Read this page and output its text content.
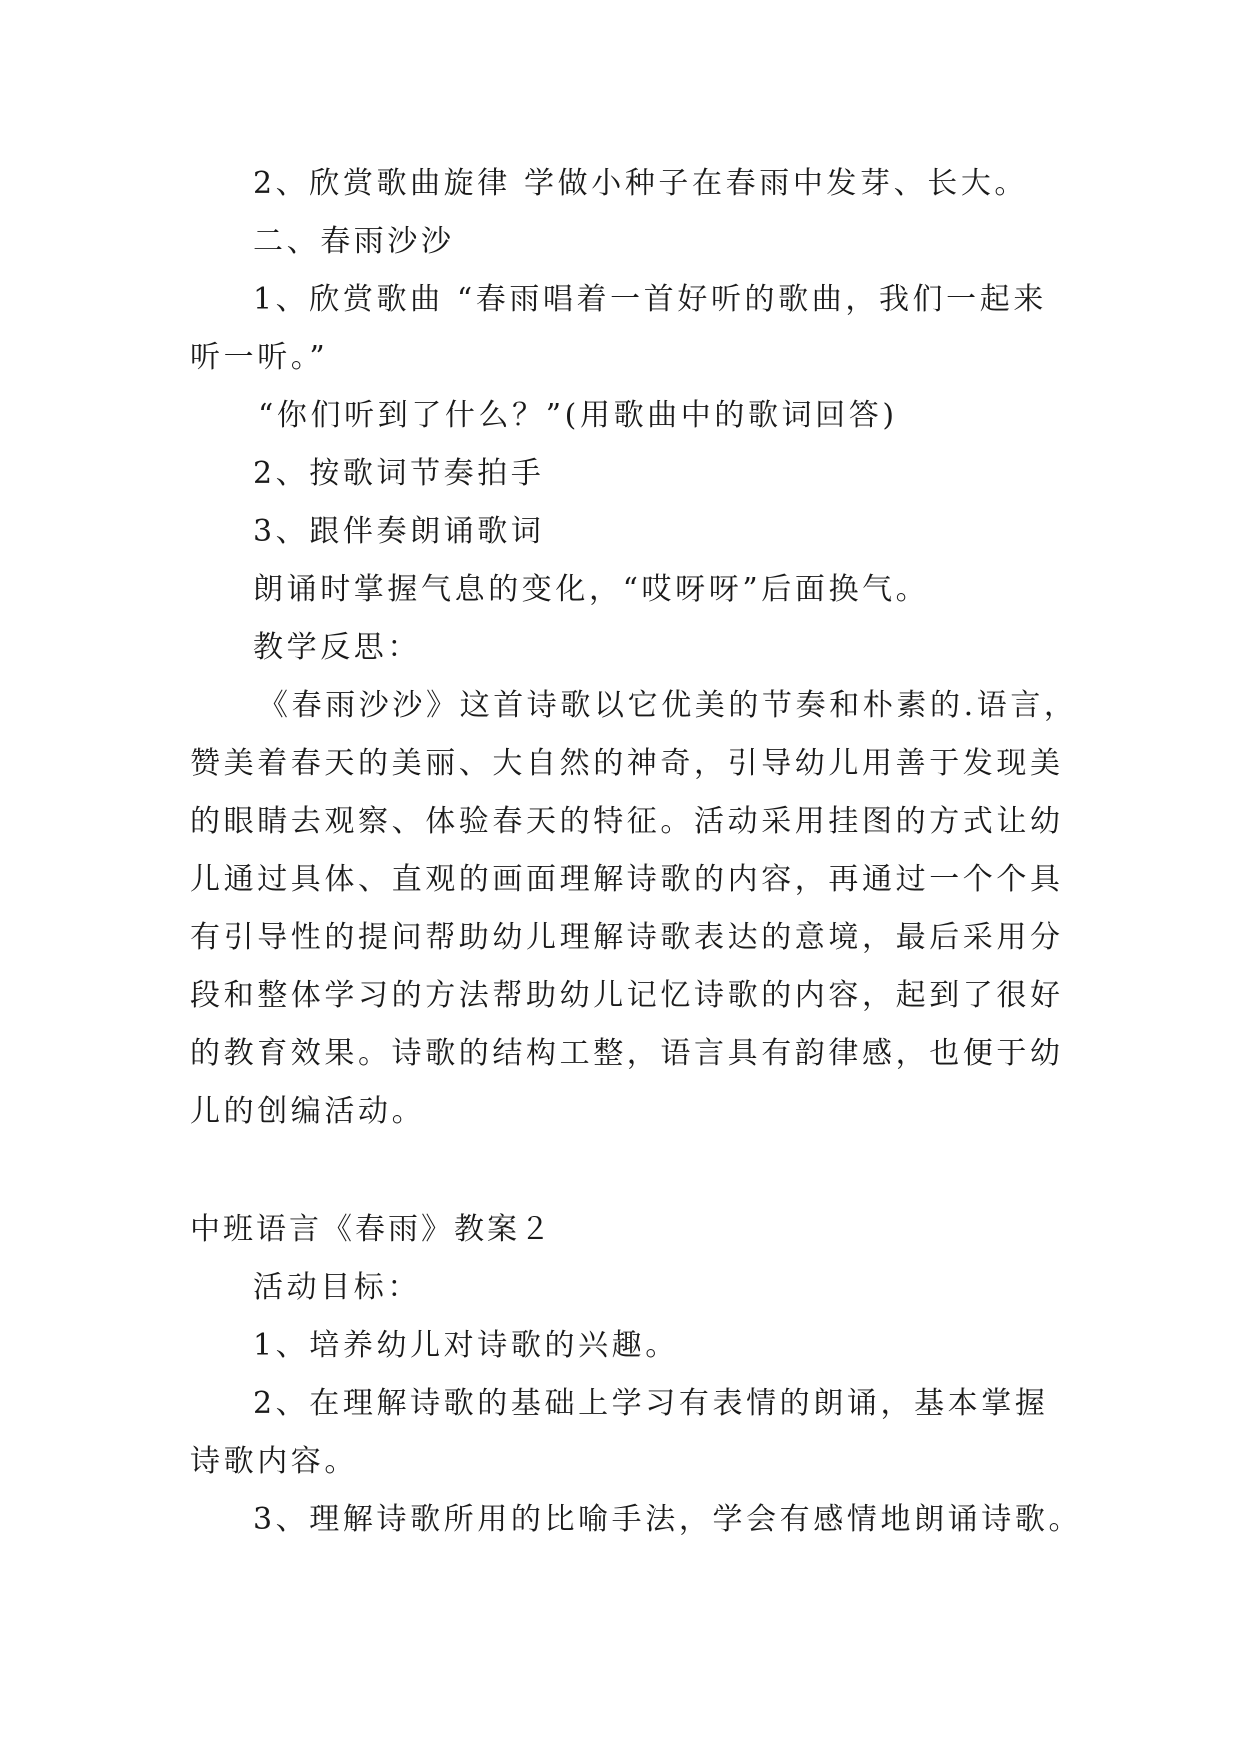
2、欣赏歌曲旋律 学做小种子在春雨中发芽、长大。

二、春雨沙沙

1、欣赏歌曲 “春雨唱着一首好听的歌曲，我们一起来

听一听。”

“你们听到了什么？”(用歌曲中的歌词回答)

2、按歌词节奏拍手

3、跟伴奏朗诵歌词

朗诵时掌握气息的变化，“哎呀呀”后面换气。

教学反思：

《春雨沙沙》这首诗歌以它优美的节奏和朴素的.语言，

赞美着春天的美丽、大自然的神奇，引导幼儿用善于发现美

的眼睛去观察、体验春天的特征。活动采用挂图的方式让幼

儿通过具体、直观的画面理解诗歌的内容，再通过一个个具

有引导性的提问帮助幼儿理解诗歌表达的意境，最后采用分

段和整体学习的方法帮助幼儿记忆诗歌的内容，起到了很好

的教育效果。诗歌的结构工整，语言具有韵律感，也便于幼

儿的创编活动。

中班语言《春雨》教案２

活动目标：

1、培养幼儿对诗歌的兴趣。

2、在理解诗歌的基础上学习有表情的朗诵，基本掌握

诗歌内容。

3、理解诗歌所用的比喻手法，学会有感情地朗诵诗歌。
